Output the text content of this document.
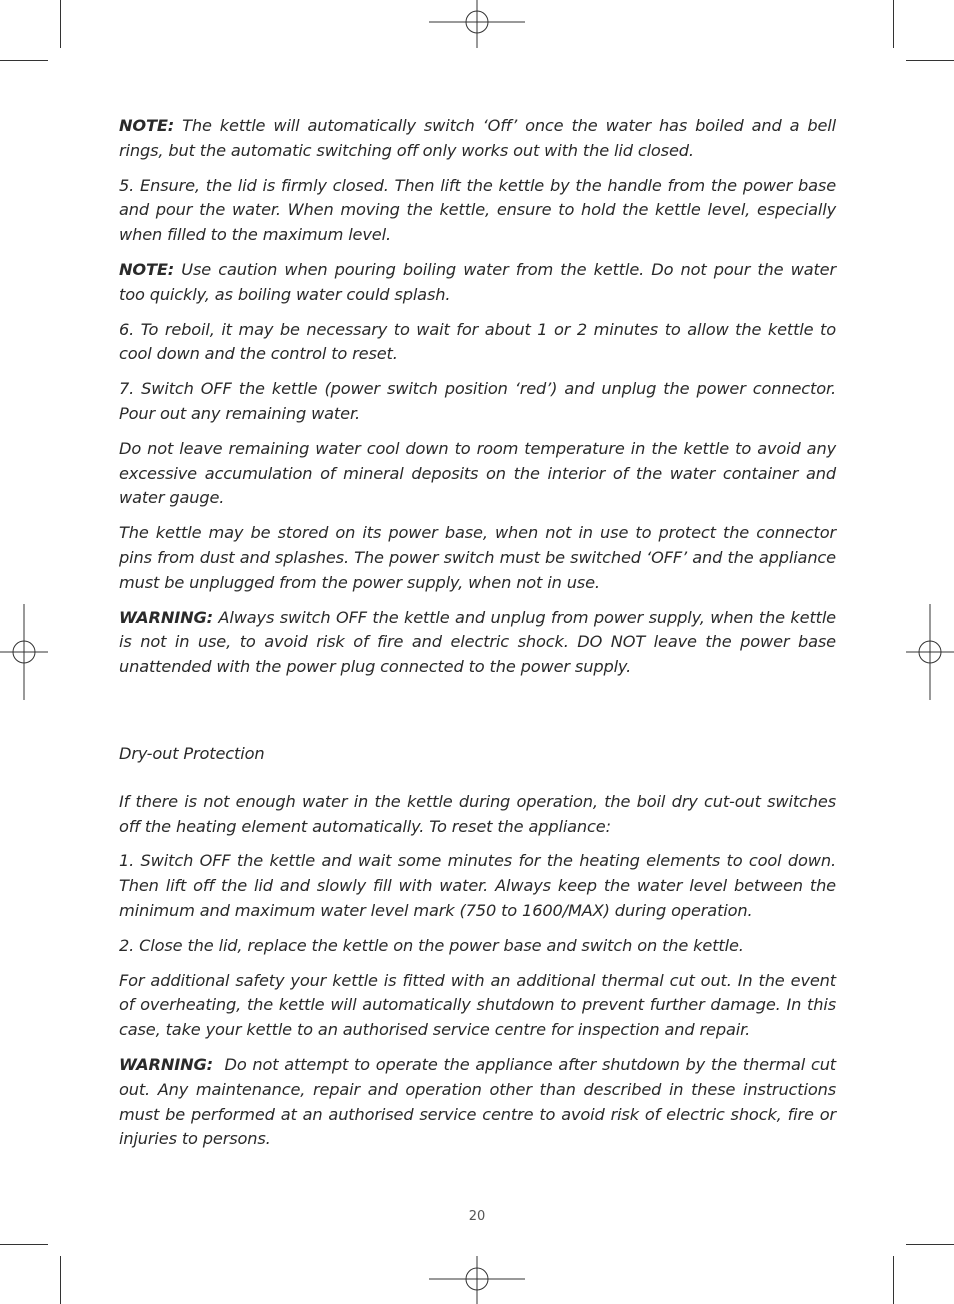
NOTE: The kettle will automatically switch ‘Off’ once the water has boiled and a bell rings, but the automatic switching off only works out with the lid closed.

5. Ensure, the lid is firmly closed. Then lift the kettle by the handle from the power base and pour the water. When moving the kettle, ensure to hold the kettle level, especially when filled to the maximum level.

NOTE: Use caution when pouring boiling water from the kettle. Do not pour the water too quickly, as boiling water could splash.

6. To reboil, it may be necessary to wait for about 1 or 2 minutes to allow the kettle to cool down and the control to reset.

7. Switch OFF the kettle (power switch position ‘red’) and unplug the power connector. Pour out any remaining water.

Do not leave remaining water cool down to room temperature in the kettle to avoid any excessive accumulation of mineral deposits on the interior of the water container and water gauge.

The kettle may be stored on its power base, when not in use to protect the connector pins from dust and splashes. The power switch must be switched ‘OFF’ and the appliance must be unplugged from the power supply, when not in use.

WARNING: Always switch OFF the kettle and unplug from power supply, when the kettle is not in use, to avoid risk of fire and electric shock. DO NOT leave the power base unattended with the power plug connected to the power supply.

Dry-out Protection

If there is not enough water in the kettle during operation, the boil dry cut-out switches off the heating element automatically. To reset the appliance:

1. Switch OFF the kettle and wait some minutes for the heating elements to cool down. Then lift off the lid and slowly fill with water. Always keep the water level between the minimum and maximum water level mark (750 to 1600/MAX) during operation.

2. Close the lid, replace the kettle on the power base and switch on the kettle.

For additional safety your kettle is fitted with an additional thermal cut out. In the event of overheating, the kettle will automatically shutdown to prevent further damage. In this case, take your kettle to an authorised service centre for inspection and repair.

WARNING:  Do not attempt to operate the appliance after shutdown by the thermal cut out. Any maintenance, repair and operation other than described in these instructions must be performed at an authorised service centre to avoid risk of electric shock, fire or injuries to persons.

20
